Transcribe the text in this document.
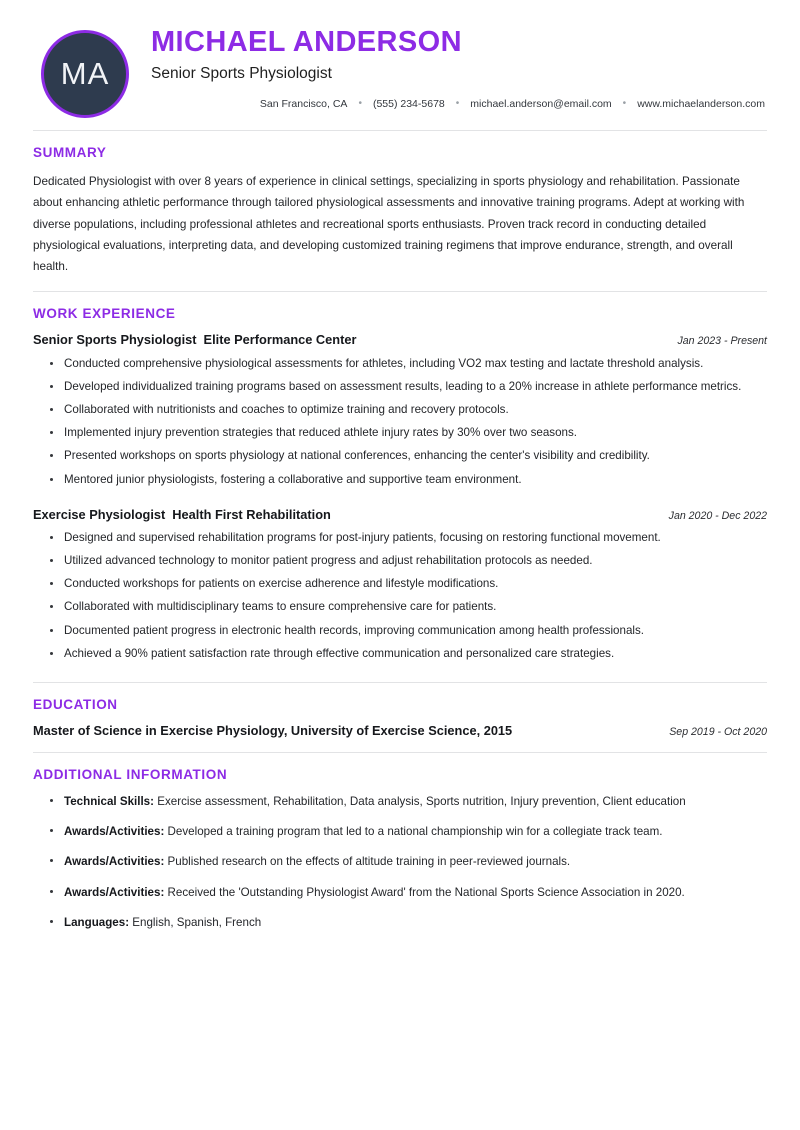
MA
MICHAEL ANDERSON
Senior Sports Physiologist
San Francisco, CA	•	(555) 234-5678	•	michael.anderson@email.com	•	www.michaelanderson.com
SUMMARY

Dedicated Physiologist with over 8 years of experience in clinical settings, specializing in sports physiology and rehabilitation. Passionate about enhancing athletic performance through tailored physiological assessments and innovative training programs. Adept at working with diverse populations, including professional athletes and recreational sports enthusiasts. Proven track record in conducting detailed physiological evaluations, interpreting data, and developing customized training regimens that improve endurance, strength, and overall health.

WORK EXPERIENCE
Senior Sports Physiologist Elite Performance Center	Jan 2023 - Present
Conducted comprehensive physiological assessments for athletes, including VO2 max testing and lactate threshold analysis.
Developed individualized training programs based on assessment results, leading to a 20% increase in athlete performance metrics.
Collaborated with nutritionists and coaches to optimize training and recovery protocols.
Implemented injury prevention strategies that reduced athlete injury rates by 30% over two seasons.
Presented workshops on sports physiology at national conferences, enhancing the center's visibility and credibility.
Mentored junior physiologists, fostering a collaborative and supportive team environment.
Exercise Physiologist Health First Rehabilitation	Jan 2020 - Dec 2022
Designed and supervised rehabilitation programs for post-injury patients, focusing on restoring functional movement.
Utilized advanced technology to monitor patient progress and adjust rehabilitation protocols as needed.
Conducted workshops for patients on exercise adherence and lifestyle modifications.
Collaborated with multidisciplinary teams to ensure comprehensive care for patients.
Documented patient progress in electronic health records, improving communication among health professionals.
Achieved a 90% patient satisfaction rate through effective communication and personalized care strategies.
EDUCATION
Master of Science in Exercise Physiology, University of Exercise Science, 2015	Sep 2019 - Oct 2020
ADDITIONAL INFORMATION
Technical Skills: Exercise assessment, Rehabilitation, Data analysis, Sports nutrition, Injury prevention, Client education
Awards/Activities: Developed a training program that led to a national championship win for a collegiate track team.
Awards/Activities: Published research on the effects of altitude training in peer-reviewed journals.
Awards/Activities: Received the 'Outstanding Physiologist Award' from the National Sports Science Association in 2020.
Languages: English, Spanish, French
